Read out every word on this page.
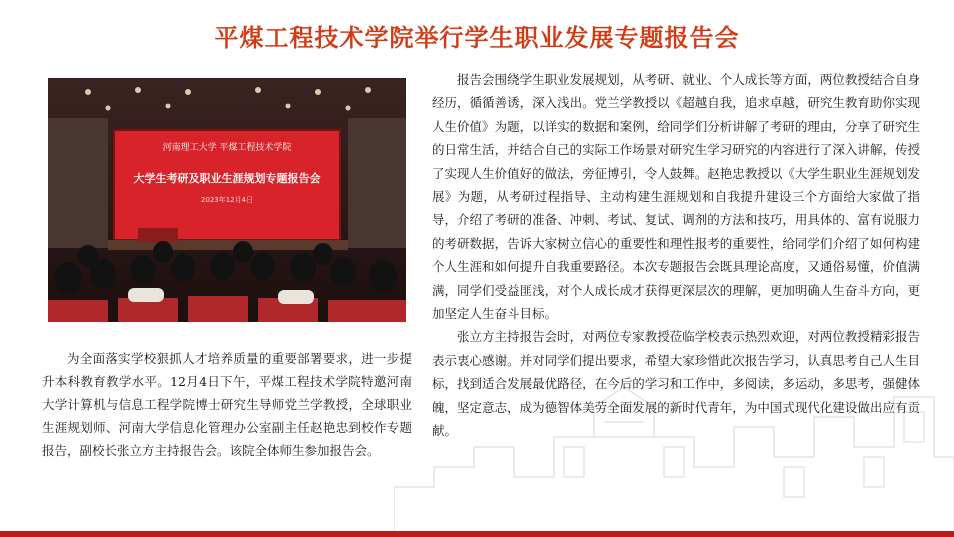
平煤工程技术学院举行学生职业发展专题报告会
河南理工大学 平煤工程技术学院
大学生考研及职业生涯规划专题报告会
2023年12月4日
为全面落实学校狠抓人才培养质量的重要部署要求，进一步提升本科教育教学水平。12月4日下午，平煤工程技术学院特邀河南大学计算机与信息工程学院博士研究生导师党兰学教授，全球职业生涯规划师、河南大学信息化管理办公室副主任赵艳忠到校作专题报告，副校长张立方主持报告会。该院全体师生参加报告会。

报告会围绕学生职业发展规划，从考研、就业、个人成长等方面，两位教授结合自身经历，循循善诱，深入浅出。党兰学教授以《超越自我，追求卓越，研究生教育助你实现人生价值》为题，以详实的数据和案例，给同学们分析讲解了考研的理由，分享了研究生的日常生活，并结合自己的实际工作场景对研究生学习研究的内容进行了深入讲解，传授了实现人生价值好的做法，旁征博引，令人鼓舞。赵艳忠教授以《大学生职业生涯规划发展》为题，从考研过程指导、主动构建生涯规划和自我提升建设三个方面给大家做了指导，介绍了考研的准备、冲刺、考试、复试、调剂的方法和技巧，用具体的、富有说服力的考研数据，告诉大家树立信心的重要性和理性报考的重要性，给同学们介绍了如何构建个人生涯和如何提升自我重要路径。本次专题报告会既具理论高度，又通俗易懂，价值满满，同学们受益匪浅，对个人成长成才获得更深层次的理解，更加明确人生奋斗方向，更加坚定人生奋斗目标。

张立方主持报告会时，对两位专家教授莅临学校表示热烈欢迎，对两位教授精彩报告表示衷心感谢。并对同学们提出要求，希望大家珍惜此次报告学习，认真思考自己人生目标，找到适合发展最优路径，在今后的学习和工作中，多阅读，多运动，多思考，强健体魄，坚定意志，成为德智体美劳全面发展的新时代青年，为中国式现代化建设做出应有贡献。
